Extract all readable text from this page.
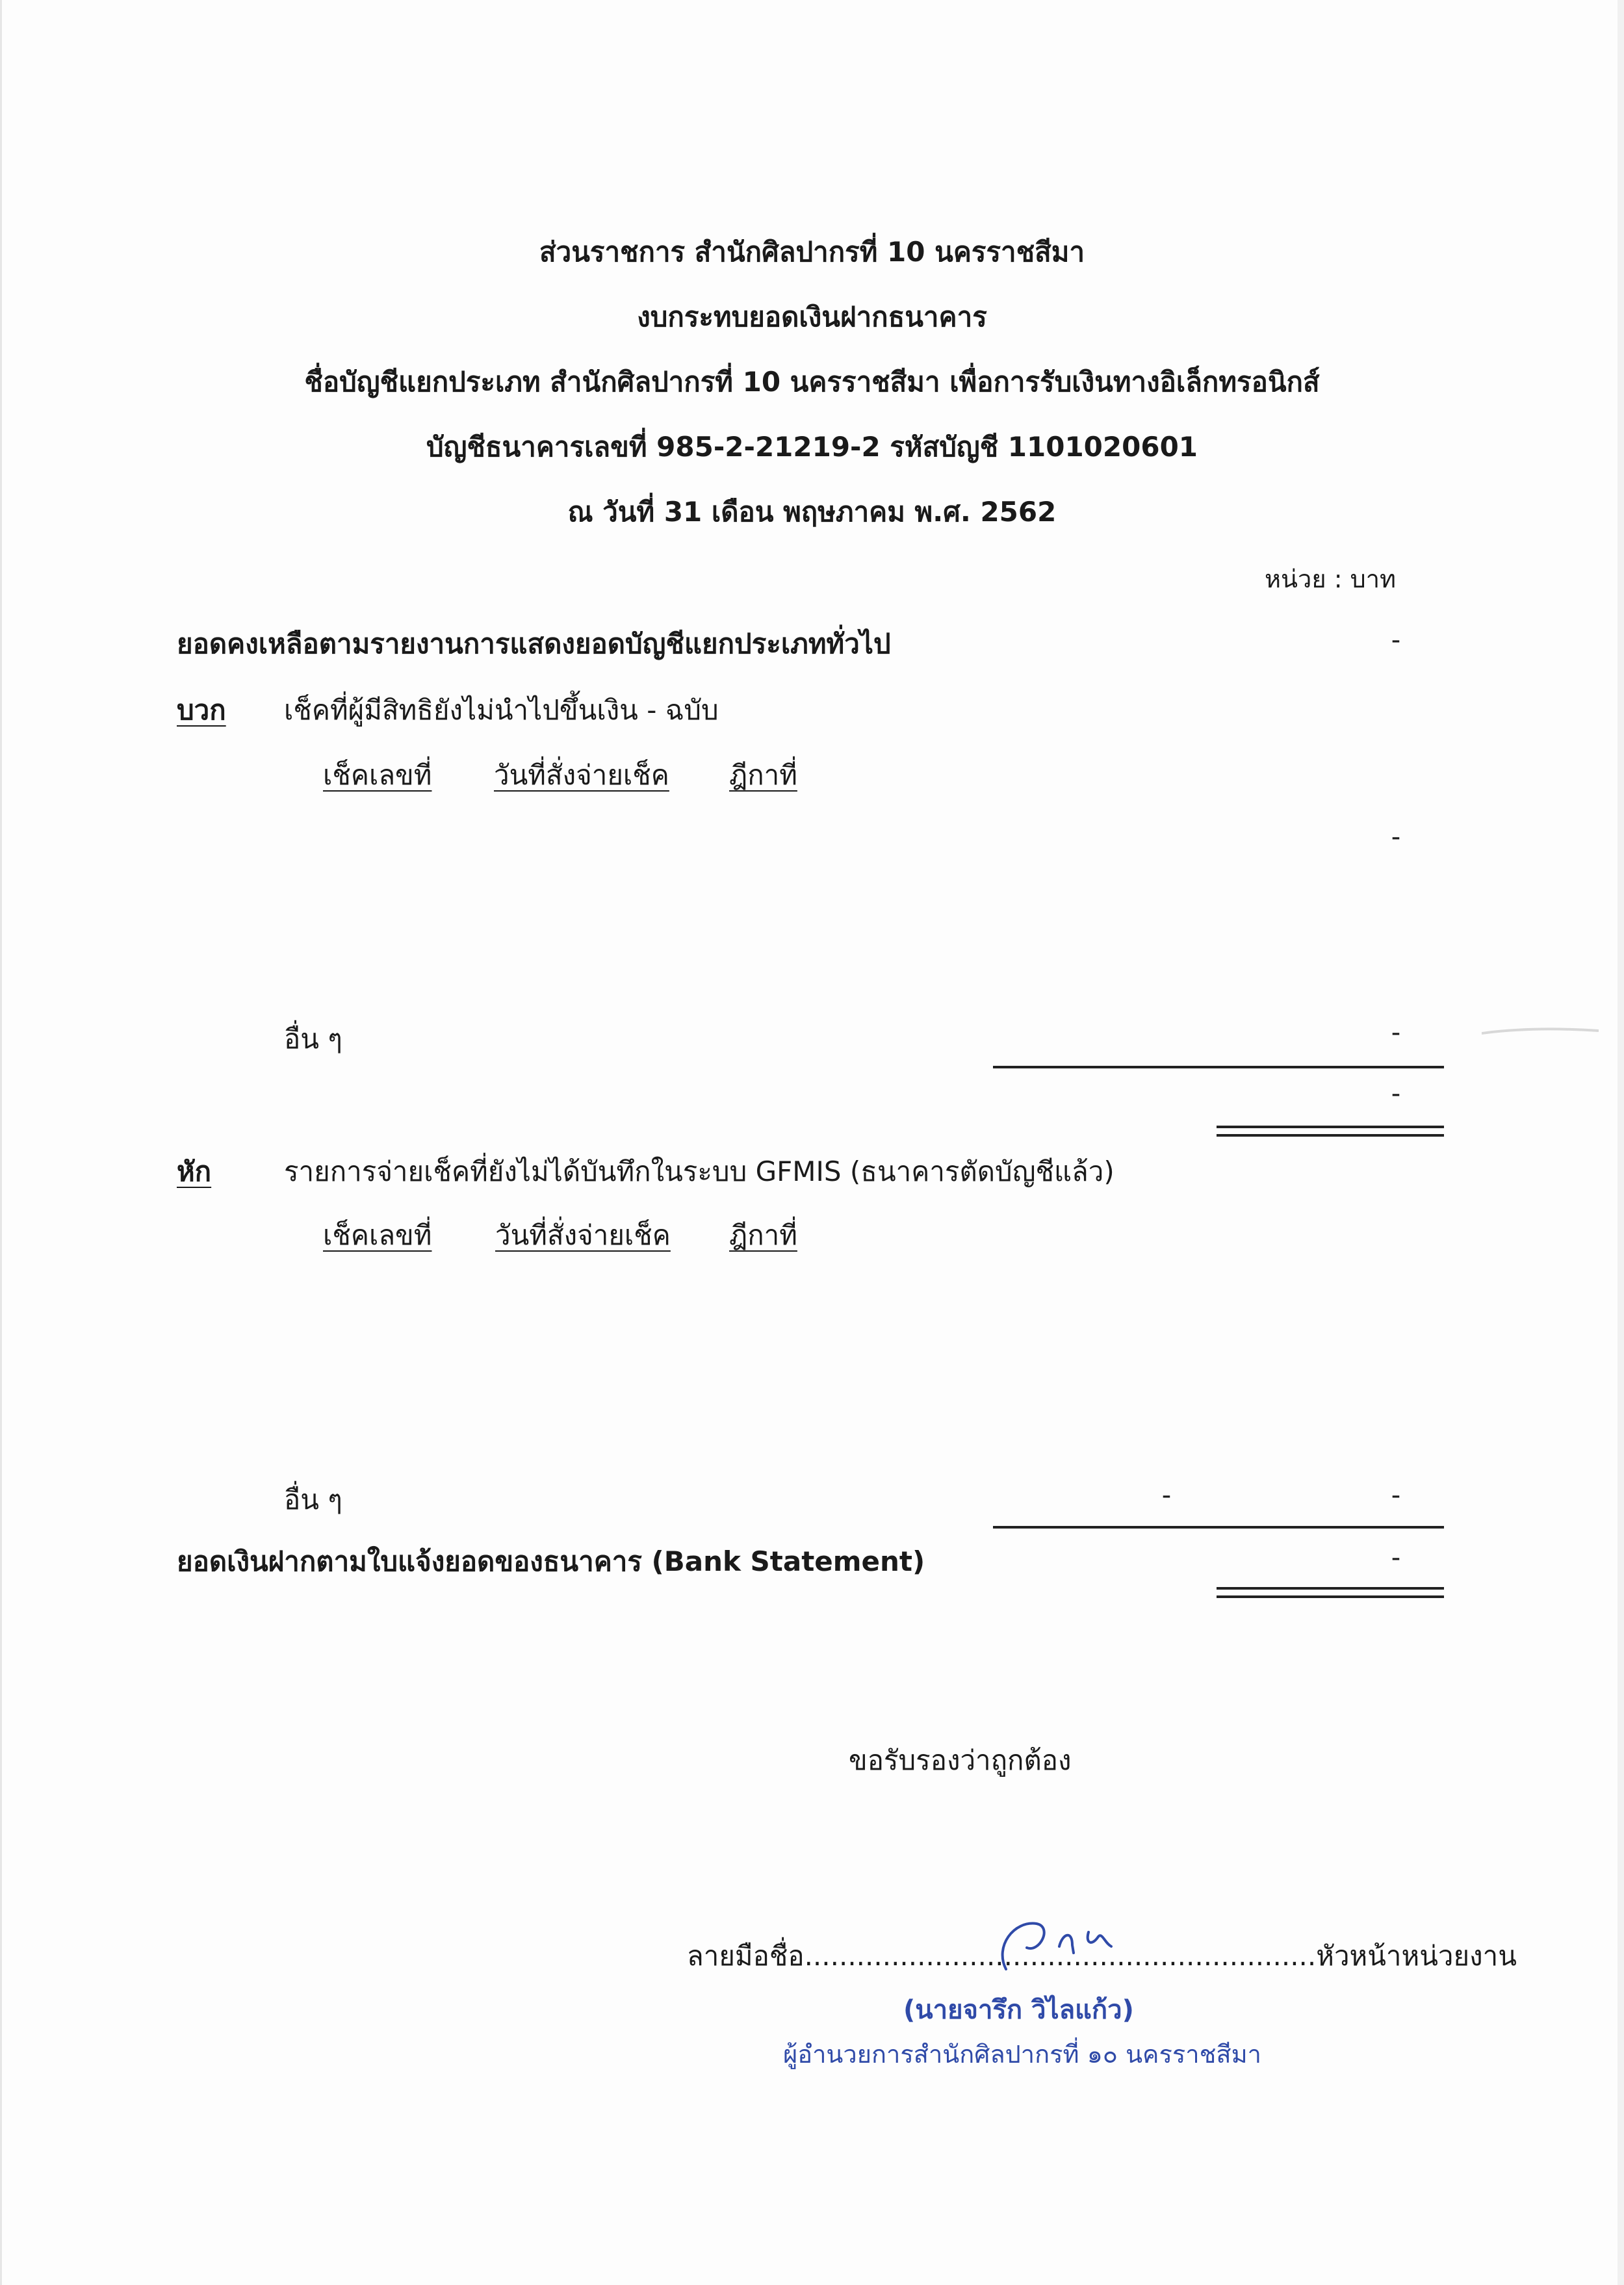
ส่วนราชการ สำนักศิลปากรที่ 10 นครราชสีมา
งบกระทบยอดเงินฝากธนาคาร
ชื่อบัญชีแยกประเภท สำนักศิลปากรที่ 10 นครราชสีมา เพื่อการรับเงินทางอิเล็กทรอนิกส์
บัญชีธนาคารเลขที่ 985-2-21219-2 รหัสบัญชี 1101020601
ณ วันที่ 31 เดือน พฤษภาคม พ.ศ. 2562
หน่วย : บาท
ยอดคงเหลือตามรายงานการแสดงยอดบัญชีแยกประเภททั่วไป	-
บวก เช็คที่ผู้มีสิทธิยังไม่นำไปขึ้นเงิน - ฉบับ
เช็คเลขที่ วันที่สั่งจ่ายเช็ค ฎีกาที่
-
อื่น ๆ	-
-
หัก	รายการจ่ายเช็คที่ยังไม่ได้บันทึกในระบบ GFMIS (ธนาคารตัดบัญชีแล้ว)
เช็คเลขที่ วันที่สั่งจ่ายเช็ค ฎีกาที่
อื่น ๆ	-	-
ยอดเงินฝากตามใบแจ้งยอดของธนาคาร (Bank Statement)	-
ขอรับรองว่าถูกต้อง
ลายมือชื่อ...........................................................หัวหน้าหน่วยงาน
(นายจารึก วิไลแก้ว)
ผู้อำนวยการสำนักศิลปากรที่ ๑๐ นครราชสีมา
